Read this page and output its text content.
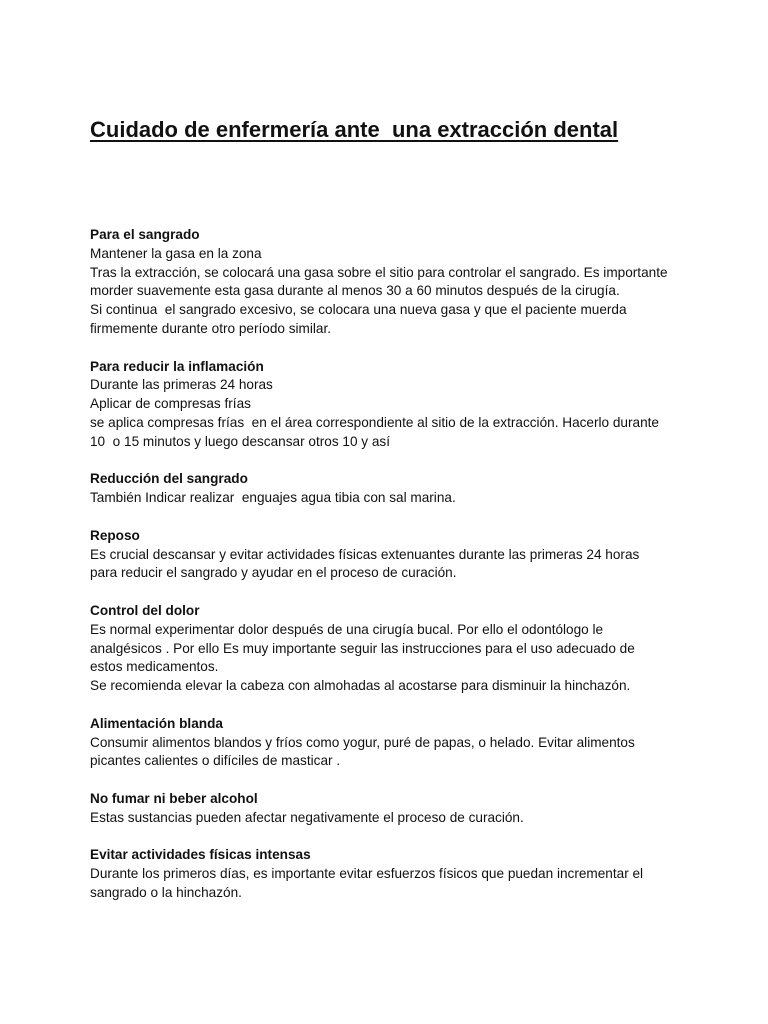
Cuidado de enfermería ante  una extracción dental
Para el sangrado
Mantener la gasa en la zona
Tras la extracción, se colocará una gasa sobre el sitio para controlar el sangrado. Es importante
morder suavemente esta gasa durante al menos 30 a 60 minutos después de la cirugía.
Si continua  el sangrado excesivo, se colocara una nueva gasa y que el paciente muerda
firmemente durante otro período similar.
Para reducir la inflamación
Durante las primeras 24 horas
Aplicar de compresas frías
se aplica compresas frías  en el área correspondiente al sitio de la extracción. Hacerlo durante
10  o 15 minutos y luego descansar otros 10 y así
Reducción del sangrado
También Indicar realizar  enguajes agua tibia con sal marina.
Reposo
Es crucial descansar y evitar actividades físicas extenuantes durante las primeras 24 horas
para reducir el sangrado y ayudar en el proceso de curación.
Control del dolor
Es normal experimentar dolor después de una cirugía bucal. Por ello el odontólogo le
analgésicos . Por ello Es muy importante seguir las instrucciones para el uso adecuado de
estos medicamentos.
Se recomienda elevar la cabeza con almohadas al acostarse para disminuir la hinchazón.
Alimentación blanda
Consumir alimentos blandos y fríos como yogur, puré de papas, o helado. Evitar alimentos
picantes calientes o difíciles de masticar .
No fumar ni beber alcohol
Estas sustancias pueden afectar negativamente el proceso de curación.
Evitar actividades físicas intensas
Durante los primeros días, es importante evitar esfuerzos físicos que puedan incrementar el
sangrado o la hinchazón.
